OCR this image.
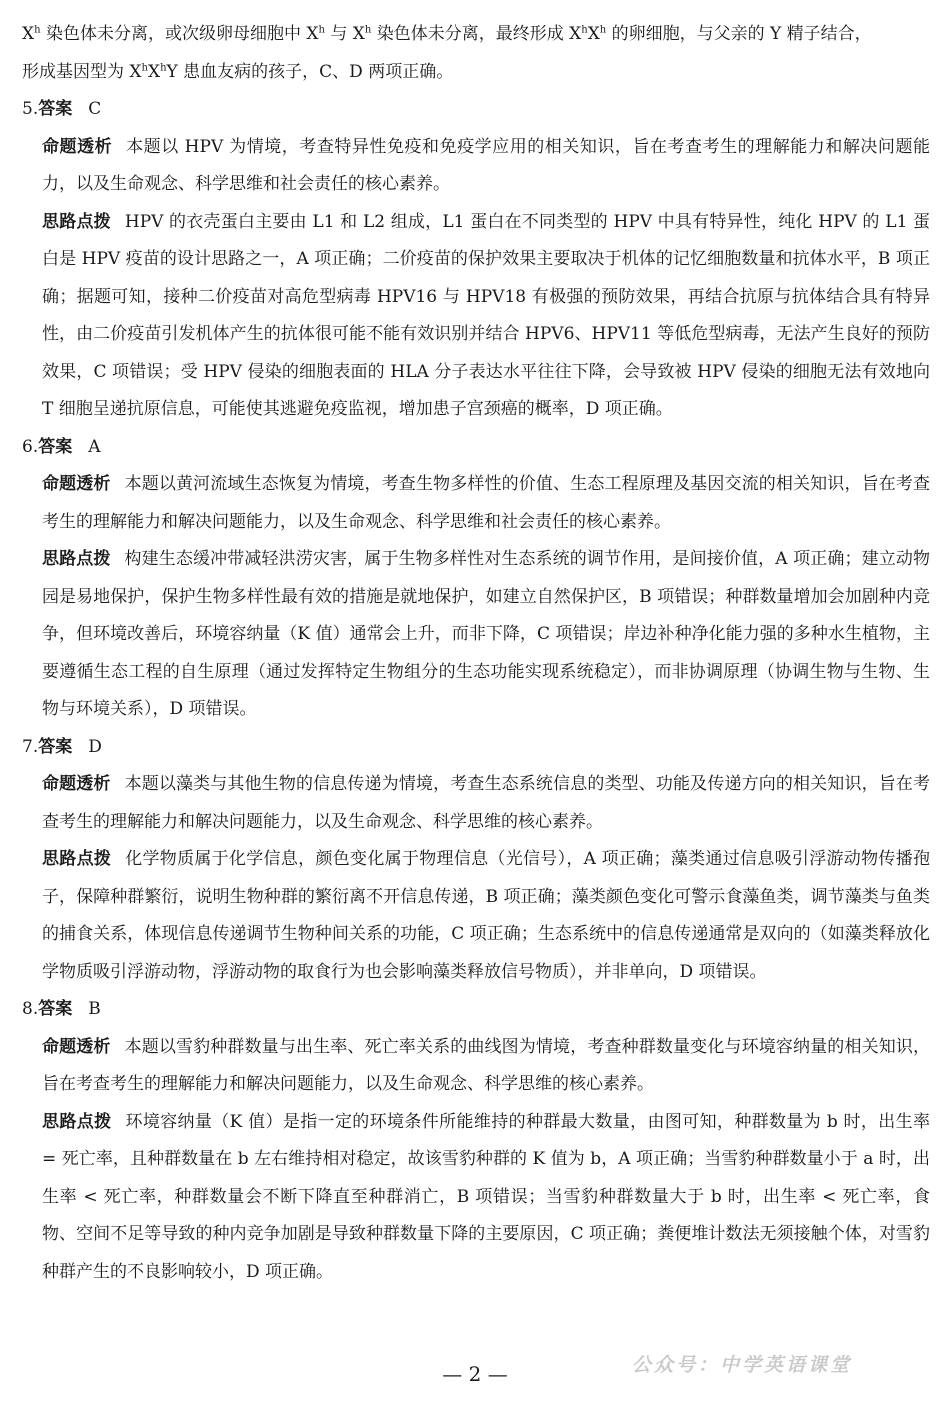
$X^h$ 染色体未分离，或次级卵母细胞中 $X^h$ 与 $X^h$ 染色体未分离，最终形成 $X^hX^h$ 的卵细胞，与父亲的 Y 精子结合，

形成基因型为 $X^hX^hY$ 患血友病的孩子，C、D 两项正确。

5.答案 C

命题透析 本题以 HPV 为情境，考查特异性免疫和免疫学应用的相关知识，旨在考查考生的理解能力和解决问题能力，以及生命观念、科学思维和社会责任的核心素养。

思路点拨 HPV 的衣壳蛋白主要由 L1 和 L2 组成，L1 蛋白在不同类型的 HPV 中具有特异性，纯化 HPV 的 L1 蛋白是 HPV 疫苗的设计思路之一，A 项正确；二价疫苗的保护效果主要取决于机体的记忆细胞数量和抗体水平，B 项正确；据题可知，接种二价疫苗对高危型病毒 HPV16 与 HPV18 有极强的预防效果，再结合抗原与抗体结合具有特异性，由二价疫苗引发机体产生的抗体很可能不能有效识别并结合 HPV6、HPV11 等低危型病毒，无法产生良好的预防效果，C 项错误；受 HPV 侵染的细胞表面的 HLA 分子表达水平往往下降，会导致被 HPV 侵染的细胞无法有效地向 T 细胞呈递抗原信息，可能使其逃避免疫监视，增加患子宫颈癌的概率，D 项正确。

6.答案 A

命题透析 本题以黄河流域生态恢复为情境，考查生物多样性的价值、生态工程原理及基因交流的相关知识，旨在考查考生的理解能力和解决问题能力，以及生命观念、科学思维和社会责任的核心素养。

思路点拨 构建生态缓冲带减轻洪涝灾害，属于生物多样性对生态系统的调节作用，是间接价值，A 项正确；建立动物园是易地保护，保护生物多样性最有效的措施是就地保护，如建立自然保护区，B 项错误；种群数量增加会加剧种内竞争，但环境改善后，环境容纳量（K 值）通常会上升，而非下降，C 项错误；岸边补种净化能力强的多种水生植物，主要遵循生态工程的自生原理（通过发挥特定生物组分的生态功能实现系统稳定），而非协调原理（协调生物与生物、生物与环境关系），D 项错误。

7.答案 D

命题透析 本题以藻类与其他生物的信息传递为情境，考查生态系统信息的类型、功能及传递方向的相关知识，旨在考查考生的理解能力和解决问题能力，以及生命观念、科学思维的核心素养。

思路点拨 化学物质属于化学信息，颜色变化属于物理信息（光信号），A 项正确；藻类通过信息吸引浮游动物传播孢子，保障种群繁衍，说明生物种群的繁衍离不开信息传递，B 项正确；藻类颜色变化可警示食藻鱼类，调节藻类与鱼类的捕食关系，体现信息传递调节生物种间关系的功能，C 项正确；生态系统中的信息传递通常是双向的（如藻类释放化学物质吸引浮游动物，浮游动物的取食行为也会影响藻类释放信号物质），并非单向，D 项错误。

8.答案 B

命题透析 本题以雪豹种群数量与出生率、死亡率关系的曲线图为情境，考查种群数量变化与环境容纳量的相关知识，旨在考查考生的理解能力和解决问题能力，以及生命观念、科学思维的核心素养。

思路点拨 环境容纳量（K 值）是指一定的环境条件所能维持的种群最大数量，由图可知，种群数量为 b 时，出生率 = 死亡率，且种群数量在 b 左右维持相对稳定，故该雪豹种群的 K 值为 b，A 项正确；当雪豹种群数量小于 a 时，出生率 < 死亡率，种群数量会不断下降直至种群消亡，B 项错误；当雪豹种群数量大于 b 时，出生率 < 死亡率，食物、空间不足等导致的种内竞争加剧是导致种群数量下降的主要原因，C 项正确；粪便堆计数法无须接触个体，对雪豹种群产生的不良影响较小，D 项正确。

— 2 —	公众号：中学英语课堂
